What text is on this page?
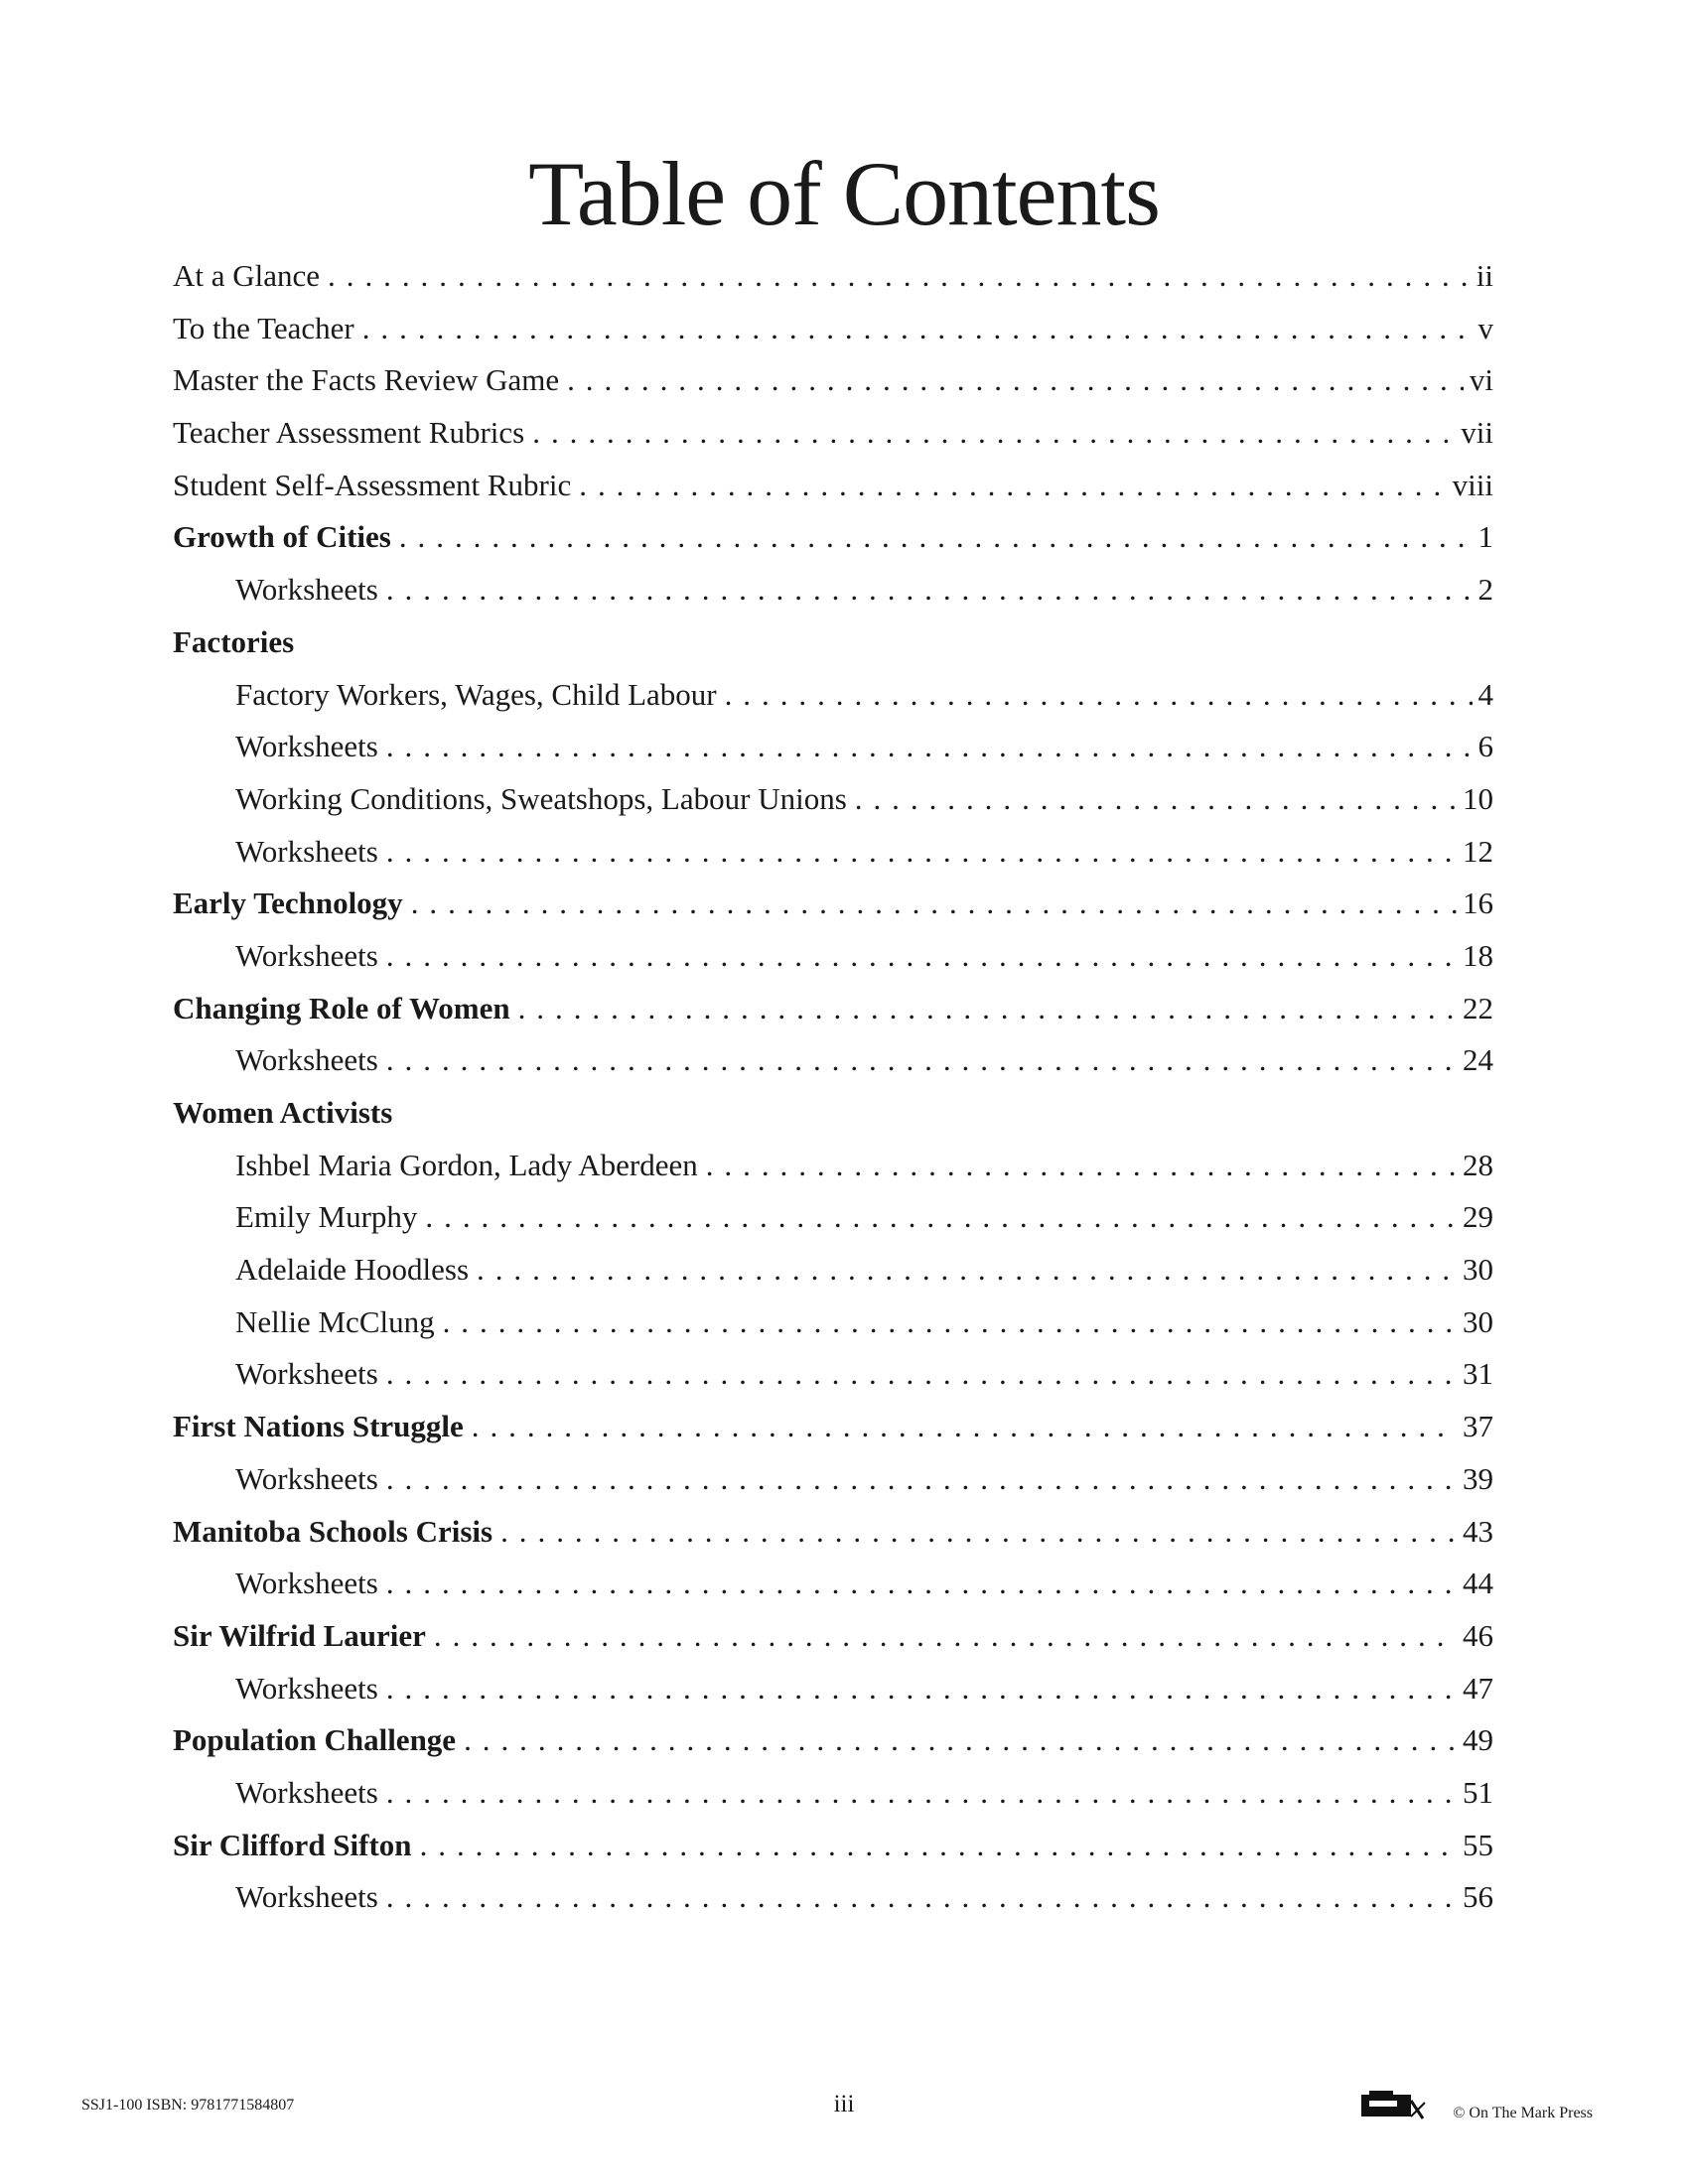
Table of Contents
At a Glance . . .	ii
To the Teacher . . .	v
Master the Facts Review Game . . .	vi
Teacher Assessment Rubrics . . .	vii
Student Self-Assessment Rubric . . .	viii
Growth of Cities . . .	1
Worksheets . . .	2
Factories
Factory Workers, Wages, Child Labour . . .	4
Worksheets . . .	6
Working Conditions, Sweatshops, Labour Unions . . .	10
Worksheets . . .	12
Early Technology . . .	16
Worksheets . . .	18
Changing Role of Women . . .	22
Worksheets . . .	24
Women Activists
Ishbel Maria Gordon, Lady Aberdeen . . .	28
Emily Murphy . . .	29
Adelaide Hoodless . . .	30
Nellie McClung . . .	30
Worksheets . . .	31
First Nations Struggle . . .	37
Worksheets . . .	39
Manitoba Schools Crisis . . .	43
Worksheets . . .	44
Sir Wilfrid Laurier . . .	46
Worksheets . . .	47
Population Challenge . . .	49
Worksheets . . .	51
Sir Clifford Sifton . . .	55
Worksheets . . .	56
SSJ1-100 ISBN: 9781771584807	iii	© On The Mark Press
